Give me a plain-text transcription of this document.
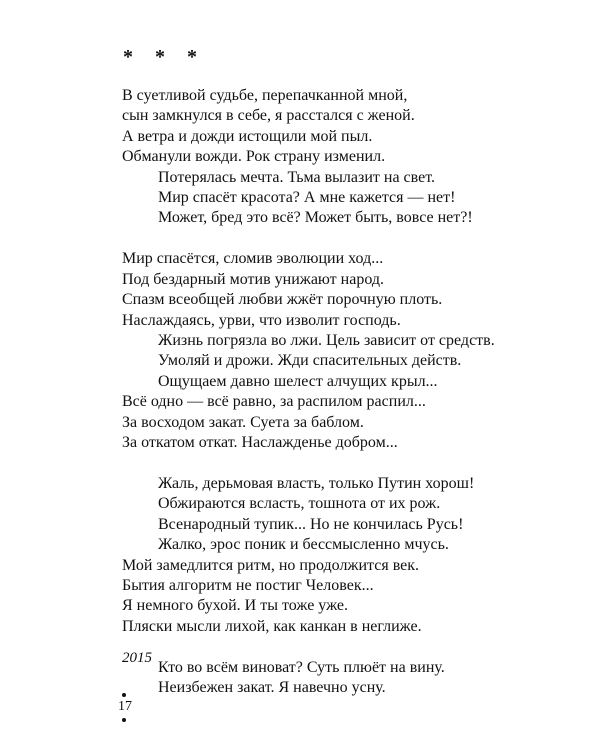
* * *
В суетливой судьбе, перепачканной мной,
сын замкнулся в себе, я расстался с женой.
А ветра и дожди истощили мой пыл.
Обманули вожди. Рок страну изменил.
Потерялась мечта. Тьма вылазит на свет.
Мир спасёт красота? А мне кажется — нет!
Может, бред это всё? Может быть, вовсе нет?!
Мир спасётся, сломив эволюции ход...
Под бездарный мотив унижают народ.
Спазм всеобщей любви жжёт порочную плоть.
Наслаждаясь, урви, что изволит господь.
Жизнь погрязла во лжи. Цель зависит от средств.
Умоляй и дрожи. Жди спасительных действ.
Ощущаем давно шелест алчущих крыл...
Всё одно — всё равно, за распилом распил...
За восходом закат. Суета за баблом.
За откатом откат. Наслажденье добром...
Жаль, дерьмовая власть, только Путин хорош!
Обжираются всласть, тошнота от их рож.
Всенародный тупик... Но не кончилась Русь!
Жалко, эрос поник и бессмысленно мчусь.
Мой замедлится ритм, но продолжится век.
Бытия алгоритм не постиг Человек...
Я немного бухой. И ты тоже уже.
Пляски мысли лихой, как канкан в неглиже.
Кто во всём виноват? Суть плюёт на вину.
Неизбежен закат. Я навечно усну.
2015
17
